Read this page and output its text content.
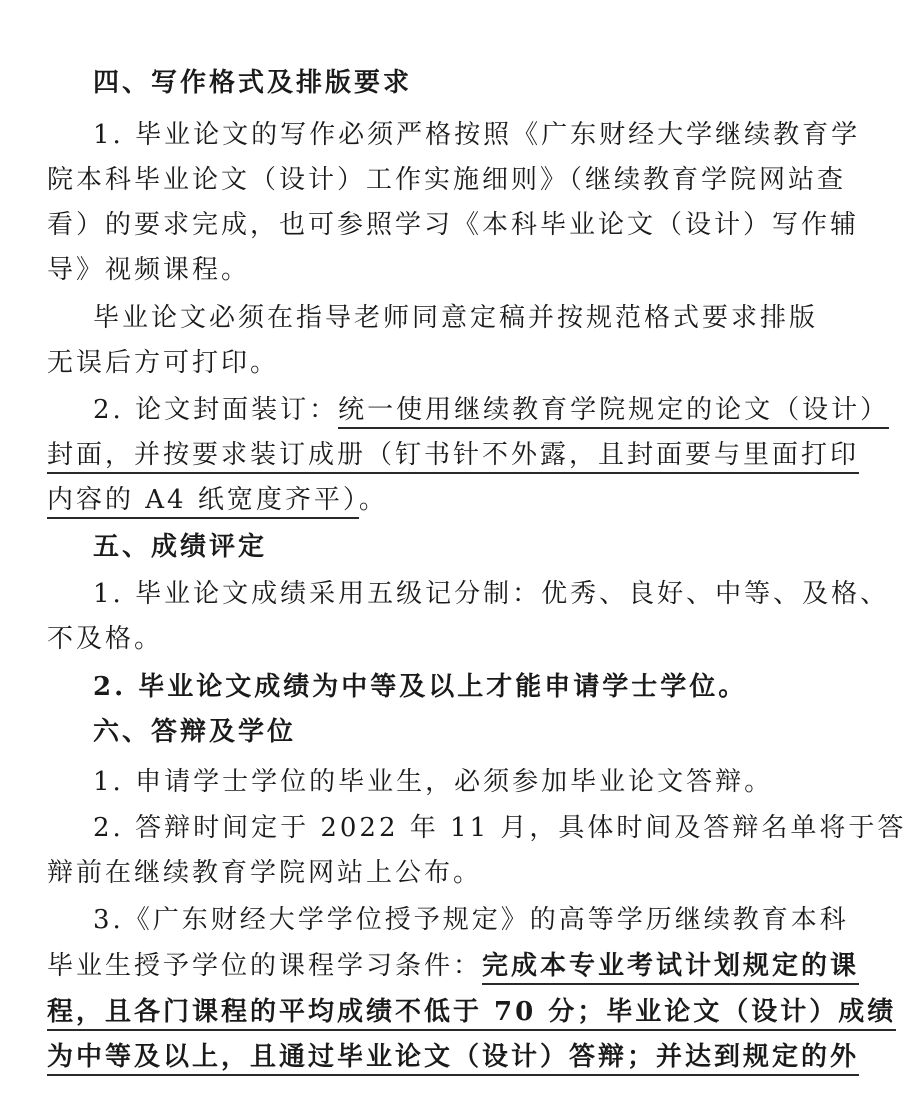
四、写作格式及排版要求
1. 毕业论文的写作必须严格按照《广东财经大学继续教育学
院本科毕业论文（设计）工作实施细则》（继续教育学院网站查
看）的要求完成，也可参照学习《本科毕业论文（设计）写作辅
导》视频课程。
毕业论文必须在指导老师同意定稿并按规范格式要求排版
无误后方可打印。
2. 论文封面装订：统一使用继续教育学院规定的论文（设计）
封面，并按要求装订成册（钉书针不外露，且封面要与里面打印
内容的 A4 纸宽度齐平）。
五、成绩评定
1. 毕业论文成绩采用五级记分制：优秀、良好、中等、及格、
不及格。
2. 毕业论文成绩为中等及以上才能申请学士学位。
六、答辩及学位
1. 申请学士学位的毕业生，必须参加毕业论文答辩。
2. 答辩时间定于 2022 年 11 月，具体时间及答辩名单将于答
辩前在继续教育学院网站上公布。
3.《广东财经大学学位授予规定》的高等学历继续教育本科
毕业生授予学位的课程学习条件：完成本专业考试计划规定的课
程，且各门课程的平均成绩不低于 70 分；毕业论文（设计）成绩
为中等及以上，且通过毕业论文（设计）答辩；并达到规定的外
